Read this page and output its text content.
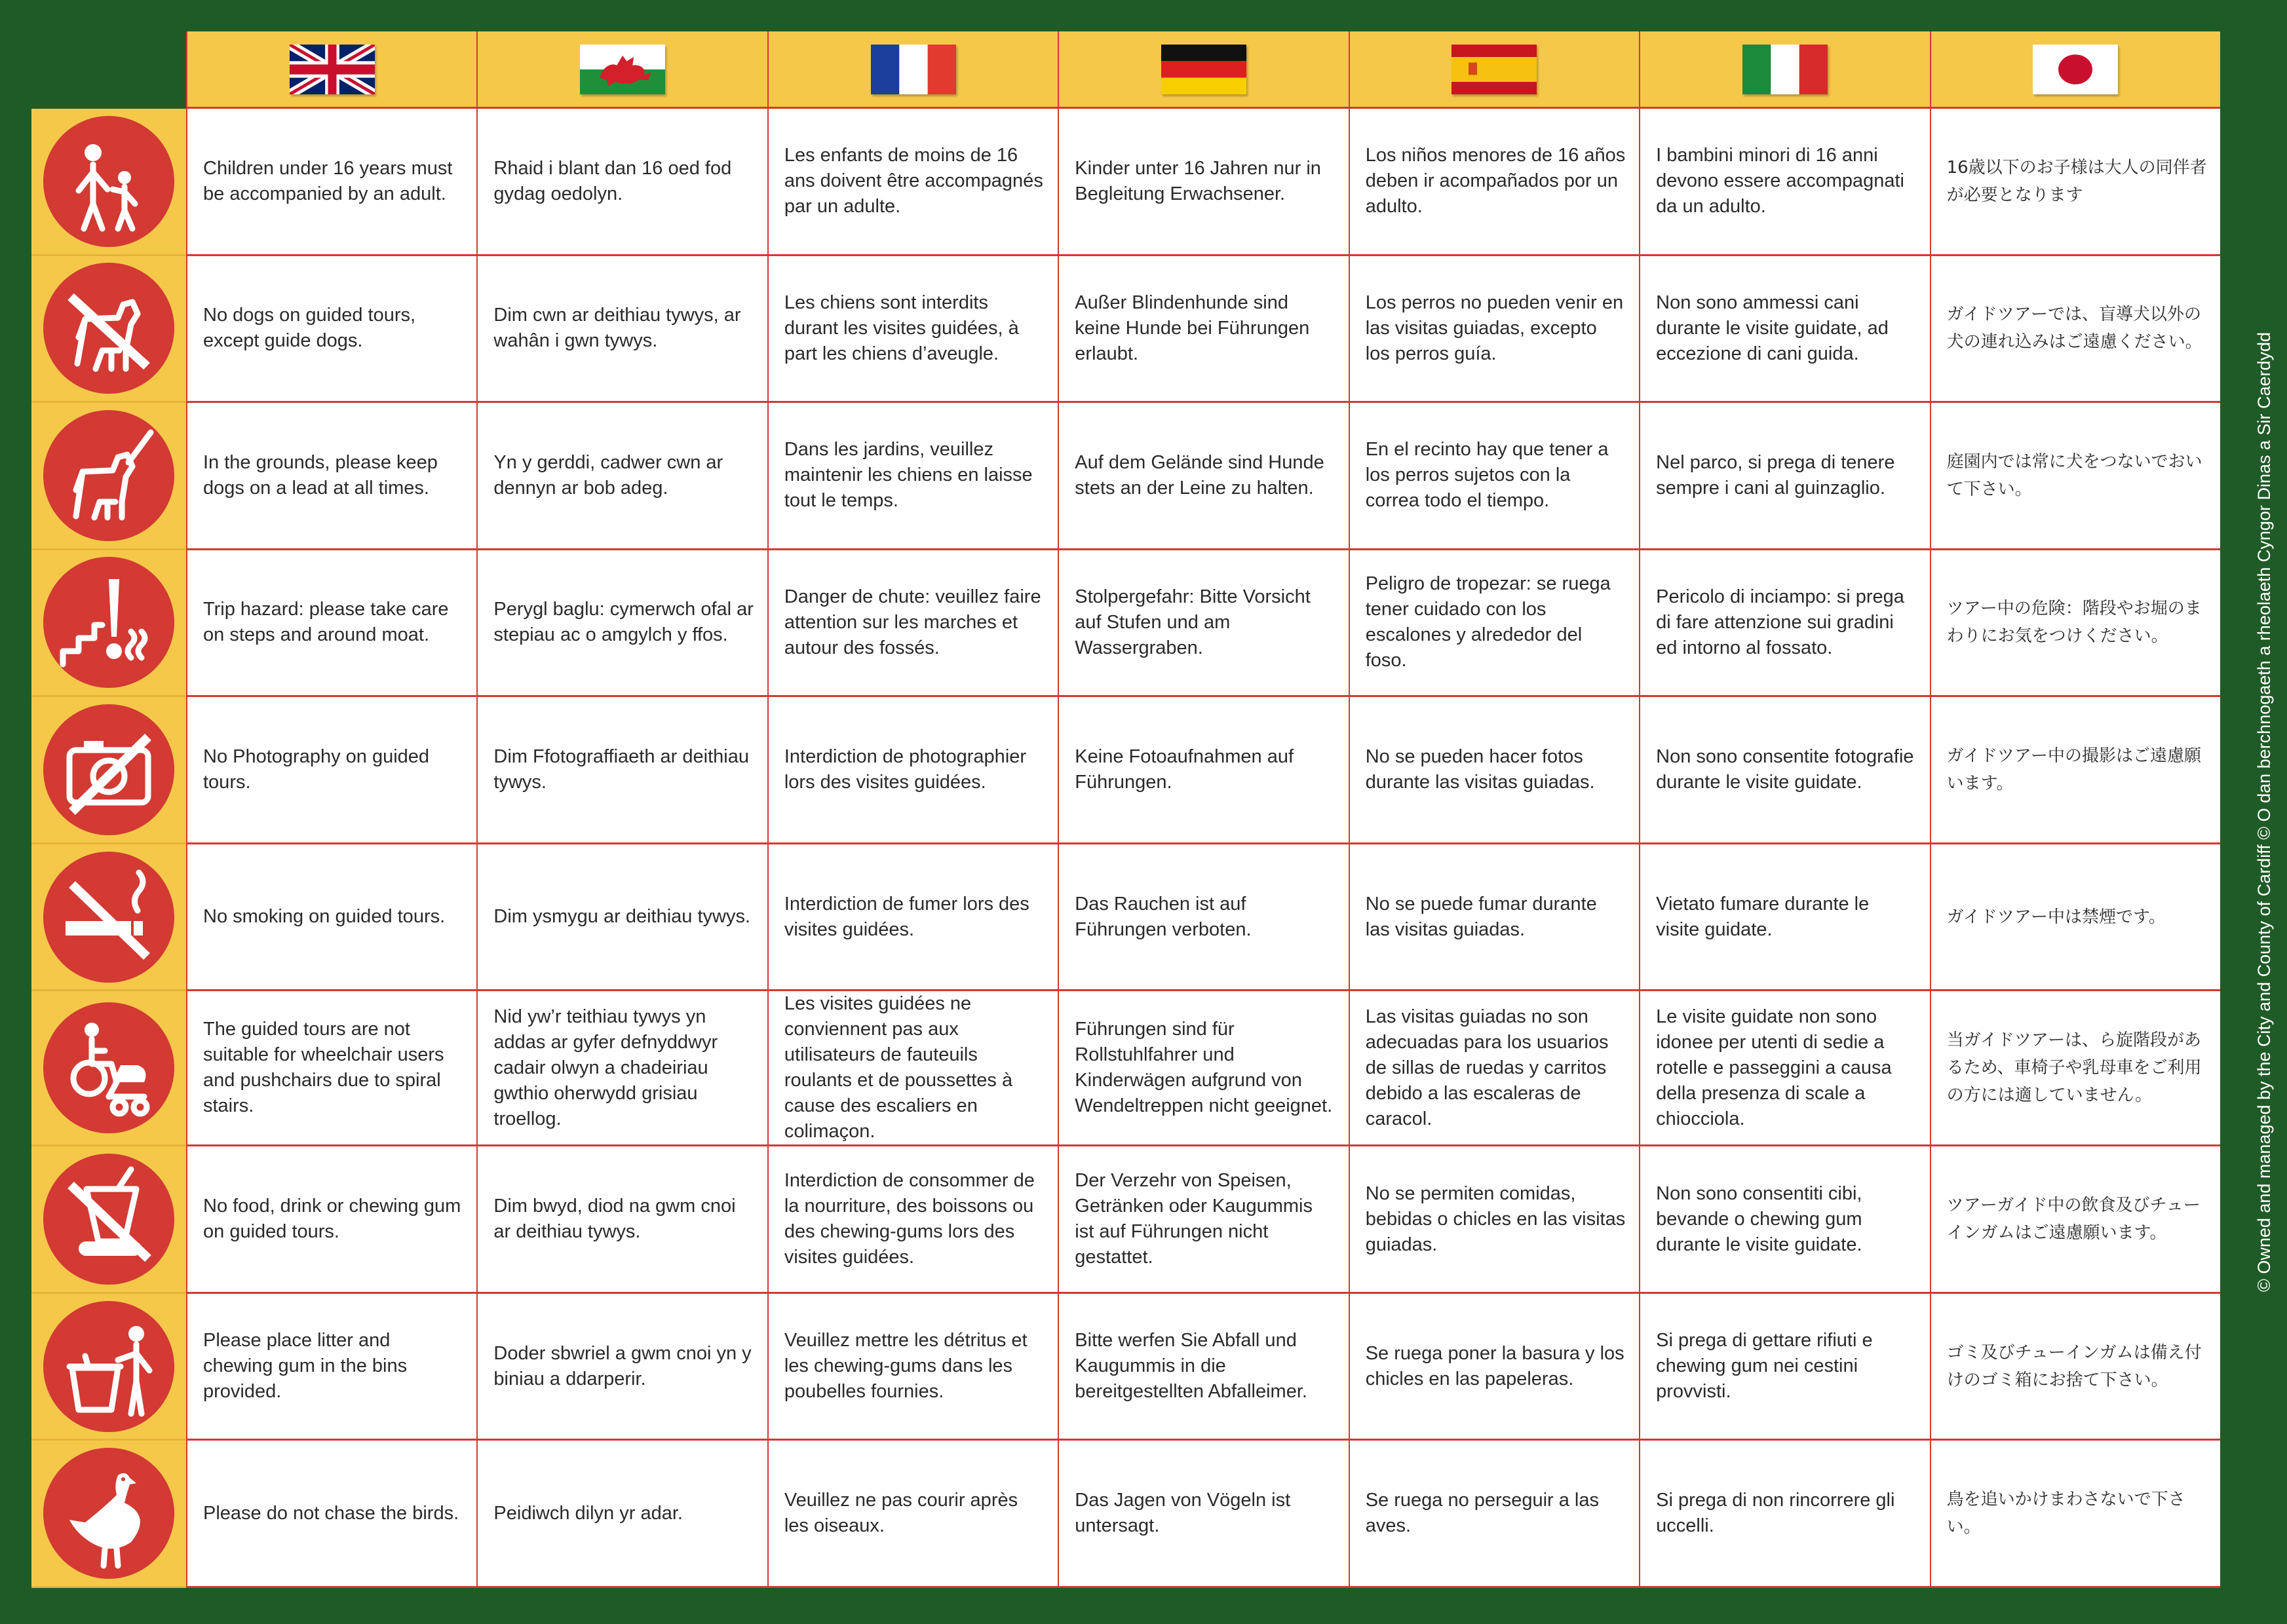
Children under 16 years must be accompanied by an adult.
Rhaid i blant dan 16 oed fod gydag oedolyn.
Les enfants de moins de 16 ans doivent être accompagnés par un adulte.
Kinder unter 16 Jahren nur in Begleitung Erwachsener.
Los niños menores de 16 años deben ir acompañados por un adulto.
I bambini minori di 16 anni devono essere accompagnati da un adulto.
16歳以下のお子様は大人の同伴者が必要となります
No dogs on guided tours, except guide dogs.
Dim cwn ar deithiau tywys, ar wahân i gwn tywys.
Les chiens sont interdits durant les visites guidées, à part les chiens d’aveugle.
Außer Blindenhunde sind keine Hunde bei Führungen erlaubt.
Los perros no pueden venir en las visitas guiadas, excepto los perros guía.
Non sono ammessi cani durante le visite guidate, ad eccezione di cani guida.
ガイドツアーでは、盲導犬以外の犬の連れ込みはご遠慮ください。
In the grounds, please keep dogs on a lead at all times.
Yn y gerddi, cadwer cwn ar dennyn ar bob adeg.
Dans les jardins, veuillez maintenir les chiens en laisse tout le temps.
Auf dem Gelände sind Hunde stets an der Leine zu halten.
En el recinto hay que tener a los perros sujetos con la correa todo el tiempo.
Nel parco, si prega di tenere sempre i cani al guinzaglio.
庭園内では常に犬をつないでおいて下さい。
Trip hazard: please take care on steps and around moat.
Perygl baglu: cymerwch ofal ar stepiau ac o amgylch y ffos.
Danger de chute: veuillez faire attention sur les marches et autour des fossés.
Stolpergefahr: Bitte Vorsicht auf Stufen und am Wassergraben.
Peligro de tropezar: se ruega tener cuidado con los escalones y alrededor del foso.
Pericolo di inciampo: si prega di fare attenzione sui gradini ed intorno al fossato.
ツアー中の危険：階段やお堀のまわりにお気をつけください。
No Photography on guided tours.
Dim Ffotograffiaeth ar deithiau tywys.
Interdiction de photographier lors des visites guidées.
Keine Fotoaufnahmen auf Führungen.
No se pueden hacer fotos durante las visitas guiadas.
Non sono consentite fotografie durante le visite guidate.
ガイドツアー中の撮影はご遠慮願います。
No smoking on guided tours.	Dim ysmygu ar deithiau tywys.
Interdiction de fumer lors des visites guidées.
Das Rauchen ist auf Führungen verboten.
No se puede fumar durante las visitas guiadas.
Vietato fumare durante le visite guidate.
ガイドツアー中は禁煙です。
The guided tours are not suitable for wheelchair users and pushchairs due to spiral stairs.
Nid yw’r teithiau tywys yn addas ar gyfer defnyddwyr cadair olwyn a chadeiriau gwthio oherwydd grisiau troellog.
Les visites guidées ne conviennent pas aux utilisateurs de fauteuils roulants et de poussettes à cause des escaliers en colimaçon.
Führungen sind für Rollstuhlfahrer und Kinderwägen aufgrund von Wendeltreppen nicht geeignet.
Las visitas guiadas no son adecuadas para los usuarios de sillas de ruedas y carritos debido a las escaleras de caracol.
Le visite guidate non sono idonee per utenti di sedie a rotelle e passeggini a causa della presenza di scale a chiocciola.
当ガイドツアーは、ら旋階段があるため、車椅子や乳母車をご利用の方には適していません。
No food, drink or chewing gum on guided tours.
Dim bwyd, diod na gwm cnoi ar deithiau tywys.
Interdiction de consommer de la nourriture, des boissons ou des chewing-gums lors des visites guidées.
Der Verzehr von Speisen, Getränken oder Kaugummis ist auf Führungen nicht gestattet.
No se permiten comidas, bebidas o chicles en las visitas guiadas.
Non sono consentiti cibi, bevande o chewing gum durante le visite guidate.
ツアーガイド中の飲食及びチューインガムはご遠慮願います。
Please place litter and chewing gum in the bins provided.
Doder sbwriel a gwm cnoi yn y biniau a ddarperir.
Veuillez mettre les détritus et les chewing-gums dans les poubelles fournies.
Bitte werfen Sie Abfall und Kaugummis in die bereitgestellten Abfalleimer.
Se ruega poner la basura y los chicles en las papeleras.
Si prega di gettare rifiuti e chewing gum nei cestini provvisti.
ゴミ及びチューインガムは備え付けのゴミ箱にお捨て下さい。
Please do not chase the birds.	Peidiwch dilyn yr adar.
Veuillez ne pas courir après les oiseaux.
Das Jagen von Vögeln ist untersagt.
Se ruega no perseguir a las aves.
Si prega di non rincorrere gli uccelli.
鳥を追いかけまわさないで下さい。
© Owned and managed by the City and County of Cardiff © O dan berchnogaeth a rheolaeth Cyngor Dinas a Sir Caerdydd
